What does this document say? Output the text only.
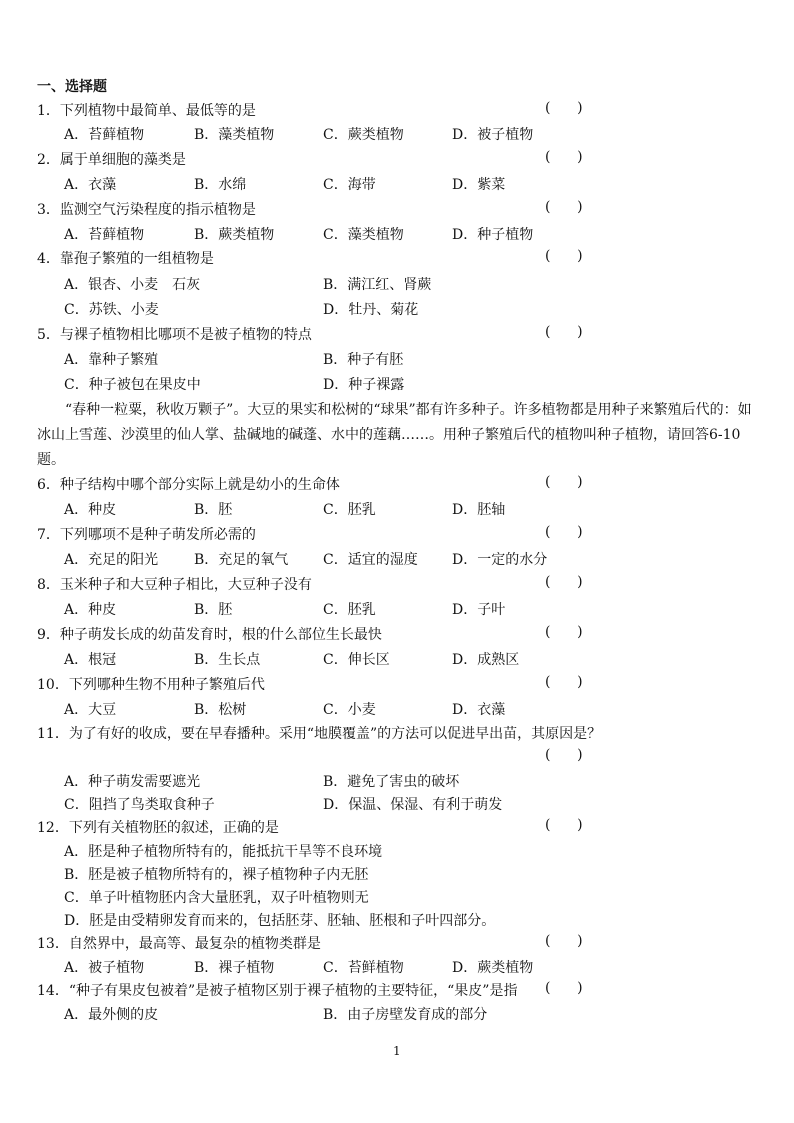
一、选择题
1．下列植物中最简单、最低等的是	(      )
A．苔藓植物	B．藻类植物	C．蕨类植物	D．被子植物
2．属于单细胞的藻类是	(      )
A．衣藻	B．水绵	C．海带	D．紫菜
3．监测空气污染程度的指示植物是	(      )
A．苔藓植物	B．蕨类植物	C．藻类植物	D．种子植物
4．靠孢子繁殖的一组植物是	(      )
A．银杏、小麦　石灰	B．满江红、肾蕨
C．苏铁、小麦	D．牡丹、菊花
5．与裸子植物相比哪项不是被子植物的特点	(      )
A．靠种子繁殖	B．种子有胚
C．种子被包在果皮中	D．种子裸露
“春种一粒粟，秋收万颗子”。大豆的果实和松树的“球果”都有许多种子。许多植物都是用种子来繁殖后代的：如冰山上雪莲、沙漠里的仙人掌、盐碱地的碱蓬、水中的莲藕……。用种子繁殖后代的植物叫种子植物，请回答6-10题。
6．种子结构中哪个部分实际上就是幼小的生命体	(      )
A．种皮	B．胚	C．胚乳	D．胚轴
7．下列哪项不是种子萌发所必需的	(      )
A．充足的阳光	B．充足的氧气 C．适宜的湿度 D．一定的水分
8．玉米种子和大豆种子相比，大豆种子没有	(      )
A．种皮	B．胚	C．胚乳	D．子叶
9．种子萌发长成的幼苗发育时，根的什么部位生长最快	(      )
A．根冠	B．生长点	C．伸长区	D．成熟区
10．下列哪种生物不用种子繁殖后代	(      )
A．大豆	B．松树	C．小麦	D．衣藻
11．为了有好的收成，要在早春播种。采用“地膜覆盖”的方法可以促进早出苗，其原因是？
(      )
A．种子萌发需要遮光	B．避免了害虫的破坏
C．阻挡了鸟类取食种子	D．保温、保湿、有利于萌发
12．下列有关植物胚的叙述，正确的是	(      )
A．胚是种子植物所特有的，能抵抗干旱等不良环境
B．胚是被子植物所特有的，裸子植物种子内无胚
C．单子叶植物胚内含大量胚乳，双子叶植物则无
D．胚是由受精卵发育而来的，包括胚芽、胚轴、胚根和子叶四部分。
13．自然界中，最高等、最复杂的植物类群是	(      )
A．被子植物	B．裸子植物	C．苔鲜植物	D．蕨类植物
14．“种子有果皮包被着”是被子植物区别于裸子植物的主要特征，“果皮”是指 (      )
A．最外侧的皮	B．由子房壁发育成的部分
1
